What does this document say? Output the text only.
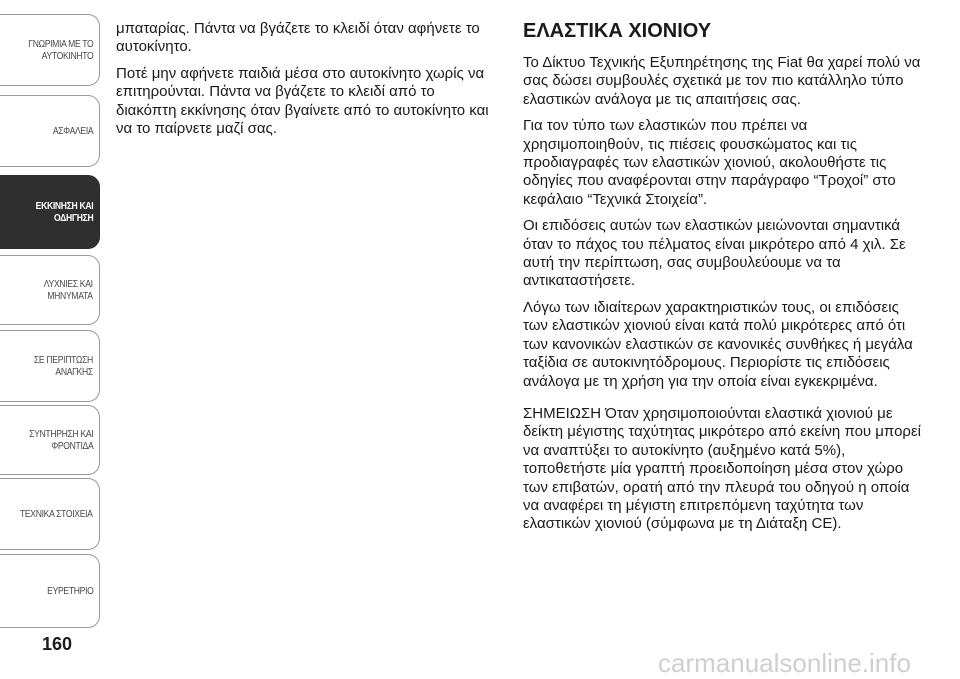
ΓΝΩΡΙΜΙΑ ΜΕ ΤΟ
ΑΥΤΟΚΙΝΗΤΟ
ΑΣΦΑΛΕΙΑ
ΕΚΚΙΝΗΣΗ ΚΑΙ
ΟΔΗΓΗΣΗ
ΛΥΧΝΙΕΣ ΚΑΙ
ΜΗΝΥΜΑΤΑ
ΣΕ ΠΕΡΙΠΤΩΣΗ
ΑΝΑΓΚΗΣ
ΣΥΝΤΗΡΗΣΗ ΚΑΙ
ΦΡΟΝΤΙΔΑ
ΤΕΧΝΙΚΑ ΣΤΟΙΧΕΙΑ
ΕΥΡΕΤΗΡΙΟ
160

μπαταρίας. Πάντα να βγάζετε το κλειδί όταν αφήνετε το αυτοκίνητο.

Ποτέ μην αφήνετε παιδιά μέσα στο αυτοκίνητο χωρίς να επιτηρούνται. Πάντα να βγάζετε το κλειδί από το διακόπτη εκκίνησης όταν βγαίνετε από το αυτοκίνητο και να το παίρνετε μαζί σας.

ΕΛΑΣΤΙΚΑ ΧΙΟΝΙΟΥ

Το Δίκτυο Τεχνικής Εξυπηρέτησης της Fiat θα χαρεί πολύ να σας δώσει συμβουλές σχετικά με τον πιο κατάλληλο τύπο ελαστικών ανάλογα με τις απαιτήσεις σας.

Για τον τύπο των ελαστικών που πρέπει να χρησιμοποιηθούν, τις πιέσεις φουσκώματος και τις προδιαγραφές των ελαστικών χιονιού, ακολουθήστε τις οδηγίες που αναφέρονται στην παράγραφο “Τροχοί” στο κεφάλαιο “Τεχνικά Στοιχεία”.

Οι επιδόσεις αυτών των ελαστικών μειώνονται σημαντικά όταν το πάχος του πέλματος είναι μικρότερο από 4 χιλ. Σε αυτή την περίπτωση, σας συμβουλεύουμε να τα αντικαταστήσετε.

Λόγω των ιδιαίτερων χαρακτηριστικών τους, οι επιδόσεις των ελαστικών χιονιού είναι κατά πολύ μικρότερες από ότι των κανονικών ελαστικών σε κανονικές συνθήκες ή μεγάλα ταξίδια σε αυτοκινητόδρομους. Περιορίστε τις επιδόσεις ανάλογα με τη χρήση για την οποία είναι εγκεκριμένα.

ΣΗΜΕΙΩΣΗ Όταν χρησιμοποιούνται ελαστικά χιονιού με δείκτη μέγιστης ταχύτητας μικρότερο από εκείνη που μπορεί να αναπτύξει το αυτοκίνητο (αυξημένο κατά 5%), τοποθετήστε μία γραπτή προειδοποίηση μέσα στον χώρο των επιβατών, ορατή από την πλευρά του οδηγού η οποία να αναφέρει τη μέγιστη επιτρεπόμενη ταχύτητα των ελαστικών χιονιού (σύμφωνα με τη Διάταξη CE).

carmanualsonline.info
